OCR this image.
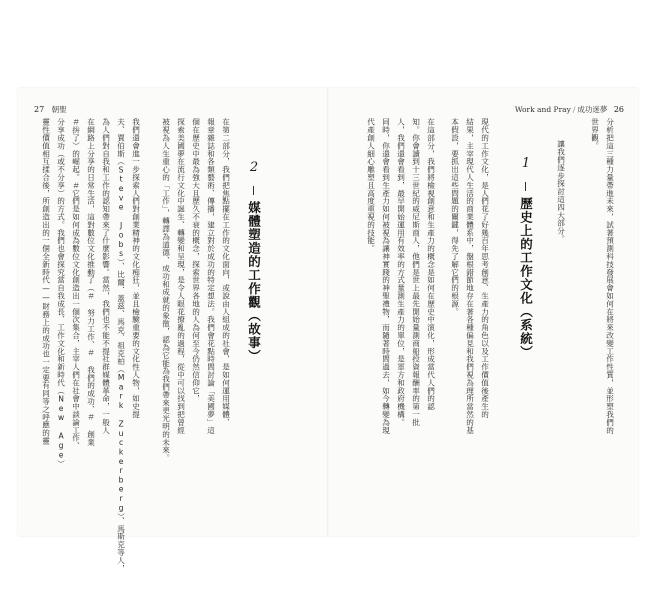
27 朝聖	Work and Pray / 成功迷夢 26
靈性價值相互揉合後，所創造出的一個全新時代——財務上的成功也一定要有同等之呼應的靈 分享成功（或不分享）的方式。我們也會探究當自我成長、工作文化和新時代（New Age） ＃拚了）的崛起。＃它們是如何成為數位文化創造出一個次集合，主宰人們在社會中談論工作、 在網路上分享的日常生活，這對數位文化推動了（＃ 努力工作、＃ 我們的成功、＃ 創業 為人們對自我和工作的認知帶來了什麼影響。當然，我們也不能不提社群媒體革命，一般人 夫、賈伯斯（Steve Jobs）、比爾．蓋茲、馬克．祖克柏（Mark Zuckerberg）、馬斯克等人， 我們還會進一步探索人們對創業精神的文化痴狂，並且檢驗重要的文化性人物，如史提	被視為人生重心的「工作」，轉譯為道德、成功和成就的象徵，認為它能為我們帶來更光明的未來。 探索美國夢在流行文化中誕生、轉變和呈現，是令人眼花撩亂的過程，從中可以找到把曾經 個在歷史中最為強大且歷久不衰的概念，探索世界各地的人為何至今仍然信仰它， 報章雜誌和各類藝術、傳播，建立對於成功的特定想法。我們會花點時間討論「美國夢」這 在第二部分，我們把焦點擺在工作的文化面向，或說由人組成的社會，是如何運用媒體、 2媒體塑造的工作觀（故事）
代產創人細心雕塑且高度重視的技能。 同時，你還會看到生產力如何被視為讓神實踐的神聖禮物，而隨著時間過去，如今轉變為現 人，我們還會看到，最早開始運用有效率的方式量測生產力的單位，是軍方和政府機構。 知。你會讀到十三世紀的威尼斯商人，他們是世上最先開始量測商船投資報酬率的第一批 在這部分，我們將檢視創意和生產力的概念是如何在歷史中演化，形成當代人們的認 本假設，要抓出這些問題的關鍵，得先了解它們的根源。 結果，主宰現代人生活的商業體系中，盤根錯節地存在著各種偏見和我們視為理所當然的基 現代的工作文化，是人們花了好幾百年思考創意、生產力的角色以及工作價值後產生的 1歷史上的工作文化（系統）
讓我們逐步探討這四大部分。
世界觀。 分析把這三種力量帶進未來，試著預測科技發展會如何在將來改變工作性質，並形塑我們的
